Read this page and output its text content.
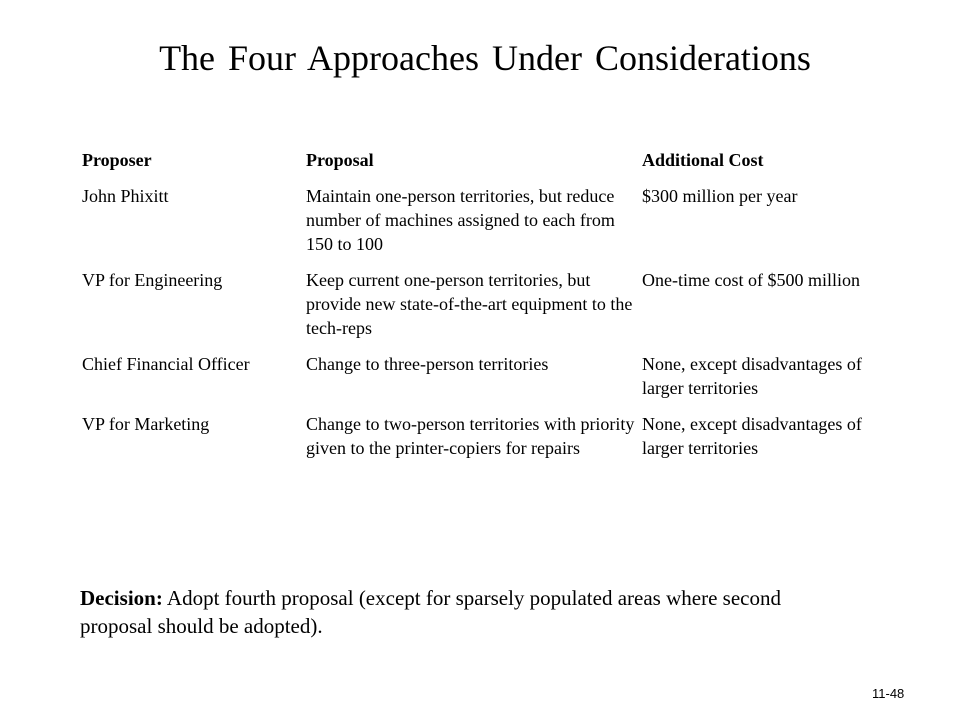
The Four Approaches Under Considerations
Proposer	Proposal	Additional Cost
John Phixitt	Maintain one-person territories, but reduce number of machines assigned to each from 150 to 100	$300 million per year
VP for Engineering	Keep current one-person territories, but provide new state-of-the-art equipment to the tech-reps	One-time cost of $500 million
Chief Financial Officer	Change to three-person territories	None, except disadvantages of larger territories
VP for Marketing	Change to two-person territories with priority given to the printer-copiers for repairs	None, except disadvantages of larger territories
Decision: Adopt fourth proposal (except for sparsely populated areas where second proposal should be adopted).
11-48
